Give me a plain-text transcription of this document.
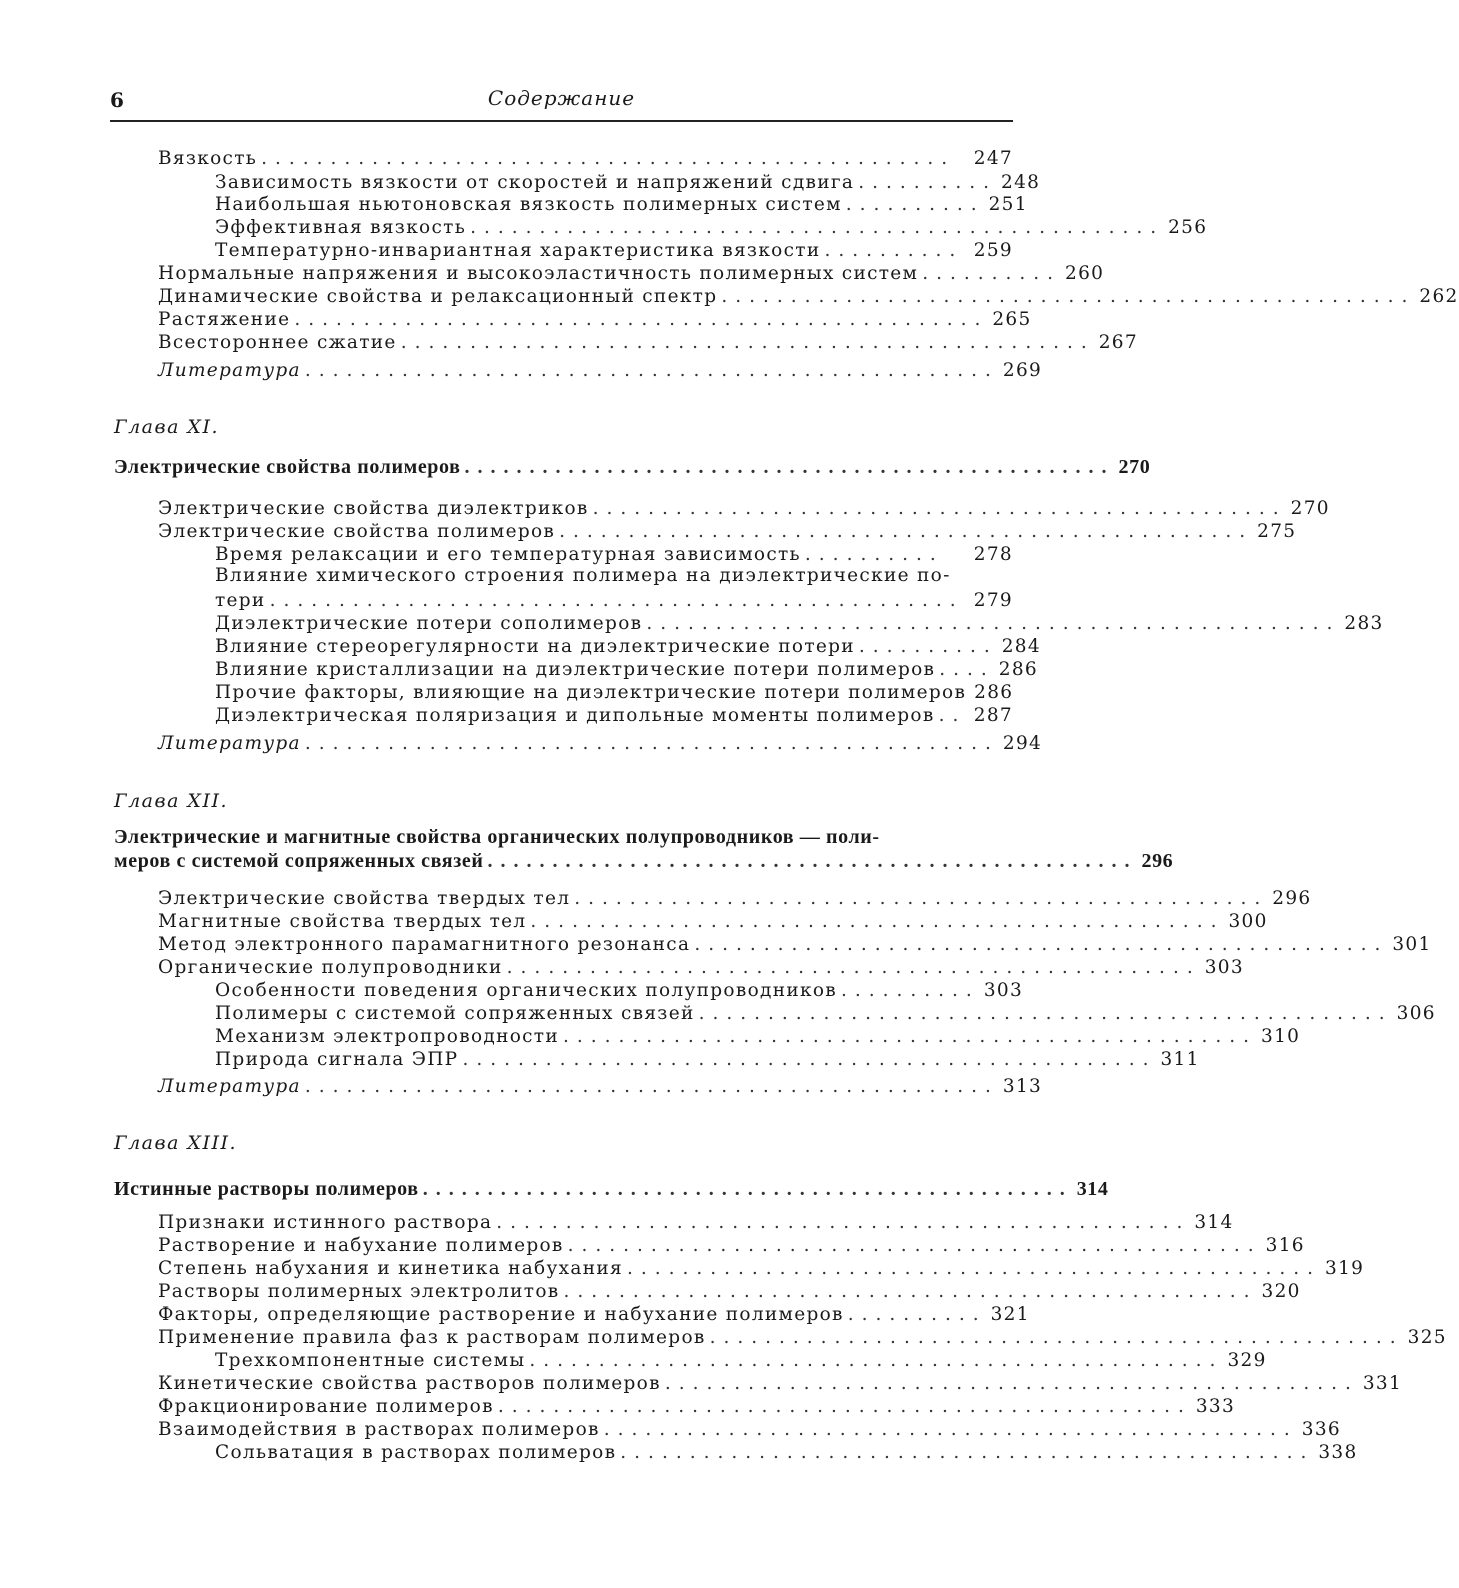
6	Содержание
Вязкость ..................................................	247
Зависимость вязкости от скоростей и напряжений сдвига .......... 248
Наибольшая ньютоновская вязкость полимерных систем .......... 251
Эффективная вязкость .................................................. 256
Температурно-инвариантная характеристика вязкости .......... 259
Нормальные напряжения и высокоэластичность полимерных систем .......... 260
Динамические свойства и релаксационный спектр .................................................. 262
Растяжение .................................................. 265
Всестороннее сжатие .................................................. 267
Литература .................................................. 269
Глава XI.
Электрические свойства полимеров .................................................. 270
Электрические свойства диэлектриков .................................................. 270
Электрические свойства полимеров .................................................. 275
Время релаксации и его температурная зависимость ..........	278
Влияние химического строения полимера на диэлектрические по-
тери .................................................. 279
Диэлектрические потери сополимеров .................................................. 283
Влияние стереорегулярности на диэлектрические потери .......... 284
Влияние кристаллизации на диэлектрические потери полимеров .... 286
Прочие факторы, влияющие на диэлектрические потери полимеров 286
Диэлектрическая поляризация и дипольные моменты полимеров .. 287
Литература .................................................. 294
Глава XII.
Электрические и магнитные свойства органических полупроводников — поли-
меров с системой сопряженных связей .................................................. 296
Электрические свойства твердых тел .................................................. 296
Магнитные свойства твердых тел .................................................. 300
Метод электронного парамагнитного резонанса .................................................. 301
Органические полупроводники .................................................. 303
Особенности поведения органических полупроводников .......... 303
Полимеры с системой сопряженных связей .................................................. 306
Механизм электропроводности .................................................. 310
Природа сигнала ЭПР .................................................. 311
Литература .................................................. 313
Глава XIII.
Истинные растворы полимеров .................................................. 314
Признаки истинного раствора .................................................. 314
Растворение и набухание полимеров .................................................. 316
Степень набухания и кинетика набухания .................................................. 319
Растворы полимерных электролитов .................................................. 320
Факторы, определяющие растворение и набухание полимеров .......... 321
Применение правила фаз к растворам полимеров .................................................. 325
Трехкомпонентные системы .................................................. 329
Кинетические свойства растворов полимеров .................................................. 331
Фракционирование полимеров .................................................. 333
Взаимодействия в растворах полимеров .................................................. 336
Сольватация в растворах полимеров .................................................. 338
